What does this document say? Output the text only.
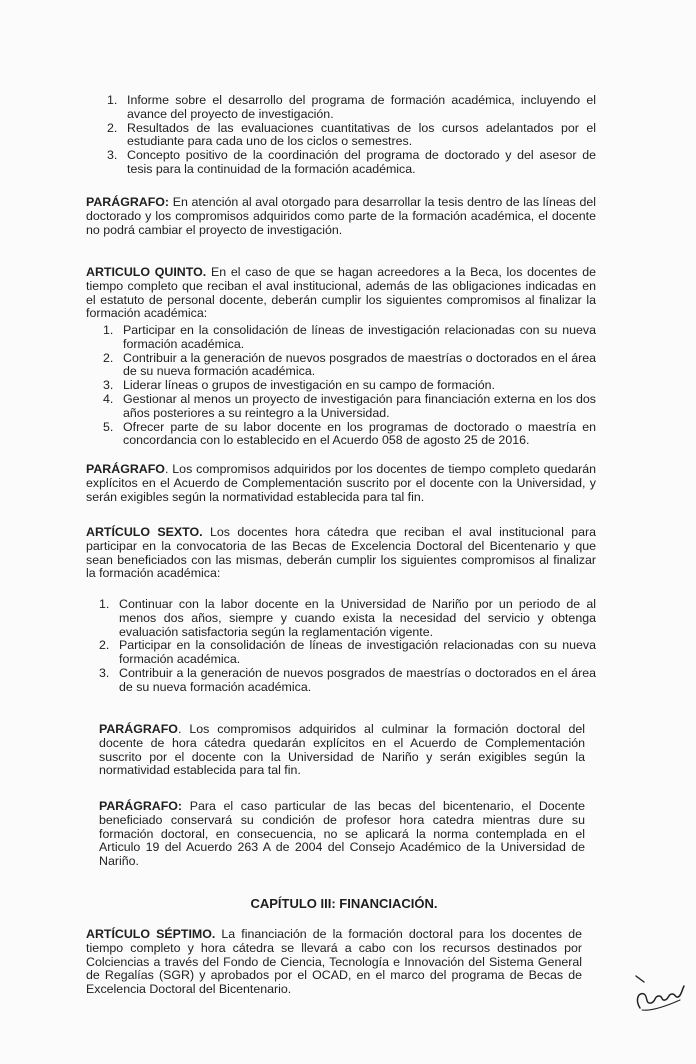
1. Informe sobre el desarrollo del programa de formación académica, incluyendo el avance del proyecto de investigación.
2. Resultados de las evaluaciones cuantitativas de los cursos adelantados por el estudiante para cada uno de los ciclos o semestres.
3. Concepto positivo de la coordinación del programa de doctorado y del asesor de tesis para la continuidad de la formación académica.

PARÁGRAFO: En atención al aval otorgado para desarrollar la tesis dentro de las líneas del doctorado y los compromisos adquiridos como parte de la formación académica, el docente no podrá cambiar el proyecto de investigación.

ARTICULO QUINTO. En el caso de que se hagan acreedores a la Beca, los docentes de tiempo completo que reciban el aval institucional, además de las obligaciones indicadas en el estatuto de personal docente, deberán cumplir los siguientes compromisos al finalizar la formación académica:

1. Participar en la consolidación de líneas de investigación relacionadas con su nueva formación académica.
2. Contribuir a la generación de nuevos posgrados de maestrías o doctorados en el área de su nueva formación académica.
3. Liderar líneas o grupos de investigación en su campo de formación.
4. Gestionar al menos un proyecto de investigación para financiación externa en los dos años posteriores a su reintegro a la Universidad.
5. Ofrecer parte de su labor docente en los programas de doctorado o maestría en concordancia con lo establecido en el Acuerdo 058 de agosto 25 de 2016.

PARÁGRAFO. Los compromisos adquiridos por los docentes de tiempo completo quedarán explícitos en el Acuerdo de Complementación suscrito por el docente con la Universidad, y serán exigibles según la normatividad establecida para tal fin.

ARTÍCULO SEXTO. Los docentes hora cátedra que reciban el aval institucional para participar en la convocatoria de las Becas de Excelencia Doctoral del Bicentenario y que sean beneficiados con las mismas, deberán cumplir los siguientes compromisos al finalizar la formación académica:

1. Continuar con la labor docente en la Universidad de Nariño por un periodo de al menos dos años, siempre y cuando exista la necesidad del servicio y obtenga evaluación satisfactoria según la reglamentación vigente.
2. Participar en la consolidación de líneas de investigación relacionadas con su nueva formación académica.
3. Contribuir a la generación de nuevos posgrados de maestrías o doctorados en el área de su nueva formación académica.

PARÁGRAFO. Los compromisos adquiridos al culminar la formación doctoral del docente de hora cátedra quedarán explícitos en el Acuerdo de Complementación suscrito por el docente con la Universidad de Nariño y serán exigibles según la normatividad establecida para tal fin.

PARÁGRAFO: Para el caso particular de las becas del bicentenario, el Docente beneficiado conservará su condición de profesor hora catedra mientras dure su formación doctoral, en consecuencia, no se aplicará la norma contemplada en el Articulo 19 del Acuerdo 263 A de 2004 del Consejo Académico de la Universidad de Nariño.

CAPÍTULO III: FINANCIACIÓN.

ARTÍCULO SÉPTIMO. La financiación de la formación doctoral para los docentes de tiempo completo y hora cátedra se llevará a cabo con los recursos destinados por Colciencias a través del Fondo de Ciencia, Tecnología e Innovación del Sistema General de Regalías (SGR) y aprobados por el OCAD, en el marco del programa de Becas de Excelencia Doctoral del Bicentenario.
